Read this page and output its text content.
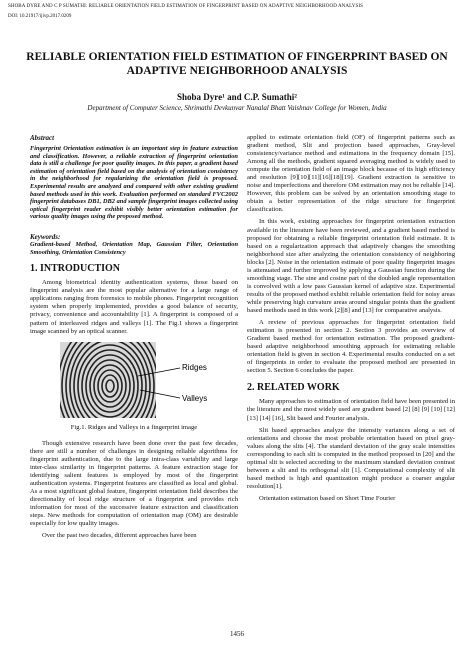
SHOBA DYRE AND C P SUMATHI: RELIABLE ORIENTATION FIELD ESTIMATION OF FINGERPRINT BASED ON ADAPTIVE NEIGHBORHOOD ANALYSIS
DOI: 10.21917/ijivp.2017.0209
RELIABLE ORIENTATION FIELD ESTIMATION OF FINGERPRINT BASED ON ADAPTIVE NEIGHBORHOOD ANALYSIS
Shoba Dyre¹ and C.P. Sumathi²
Department of Computer Science, Shrimathi Devkunvar Nanalal Bhatt Vaishnav College for Women, India
Abstract
Fingerprint Orientation estimation is an important step in feature extraction and classification. However, a reliable extraction of fingerprint orientation data is still a challenge for poor quality images. In this paper, a gradient based estimation of orientation field based on the analysis of orientation consistency in the neighborhood for regularizing the orientation field is proposed. Experimental results are analyzed and compared with other existing gradient based methods used in this work. Evaluation performed on standard FVC2002 fingerprint databases DB1, DB2 and sample fingerprint images collected using optical fingerprint reader exhibit visibly better orientation estimation for various quality images using the proposed method.
Keywords:
Gradient-based Method, Orientation Map, Gaussian Filter, Orientation Smoothing, Orientation Consistency
1. INTRODUCTION

Among biometrical identity authentication systems, those based on fingerprint analysis are the most popular alternative for a large range of applications ranging from forensics to mobile phones. Fingerprint recognition system when properly implemented, provides a good balance of security, privacy, convenience and accountability [1]. A fingerprint is composed of a pattern of interleaved ridges and valleys [1]. The Fig.1 shows a fingerprint image scanned by an optical scanner.

Ridges
Valleys
Fig.1. Ridges and Valleys in a fingerprint image

Though extensive research have been done over the past few decades, there are still a number of challenges in designing reliable algorithms for fingerprint authentication, due to the large intra-class variability and large inter-class similarity in fingerprint patterns. A feature extraction stage for identifying salient features is employed by most of the fingerprint authentication systems. Fingerprint features are classified as local and global. As a most significant global feature, fingerprint orientation field describes the directionality of local ridge structure of a fingerprint and provides rich information for most of the successive feature extraction and classification steps. New methods for computation of orientation map (OM) are desirable especially for low quality images.

Over the past two decades, different approaches have been

applied to estimate orientation field (OF) of fingerprint patterns such as gradient method, Slit and projection based approaches, Gray-level consistency/variance method and estimations in the frequency domain [15]. Among all the methods, gradient squared averaging method is widely used to compute the orientation field of an image block because of its high efficiency and resolution [9][10][11][16][18][19]. Gradient extraction is sensitive to noise and imperfections and therefore OM estimation may not be reliable [14]. However, this problem can be solved by an orientation smoothing stage to obtain a better representation of the ridge structure for fingerprint classification.

In this work, existing approaches for fingerprint orientation extraction available in the literature have been reviewed, and a gradient based method is proposed for obtaining a reliable fingerprint orientation field estimate. It is based on a regularization approach that adaptively changes the smoothing neighborhood size after analyzing the orientation consistency of neighboring blocks [2]. Noise in the orientation estimate of poor quality fingerprint images is attenuated and further improved by applying a Gaussian function during the smoothing stage. The sine and cosine part of the doubled angle representation is convolved with a low pass Gaussian kernel of adaptive size. Experimental results of the proposed method exhibit reliable orientation field for noisy areas while preserving high curvature areas around singular points than the gradient based methods used in this work [2][8] and [13] for comparative analysis.

A review of previous approaches for fingerprint orientation field estimation is presented in section 2. Section 3 provides an overview of Gradient based method for orientation estimation. The proposed gradient-based adaptive neighborhood smoothing approach for estimating reliable orientation field is given in section 4. Experimental results conducted on a set of fingerprints in order to evaluate the proposed method are presented in section 5. Section 6 concludes the paper.

2. RELATED WORK

Many approaches to estimation of orientation field have been presented in the literature and the most widely used are gradient based [2] [8] [9] [10] [12] [13] [14] [16], Slit based and Fourier analysis.

Slit based approaches analyze the intensity variances along a set of orientations and choose the most probable orientation based on pixel gray-values along the slits [4]. The standard deviation of the gray scale intensities corresponding to each slit is computed in the method proposed in [20] and the optimal slit is selected according to the maximum standard deviation contrast between a slit and its orthogonal slit [1]. Computational complexity of slit based method is high and quantization might produce a coarser angular resolution[1].

Orientation estimation based on Short Time Fourier

1456
